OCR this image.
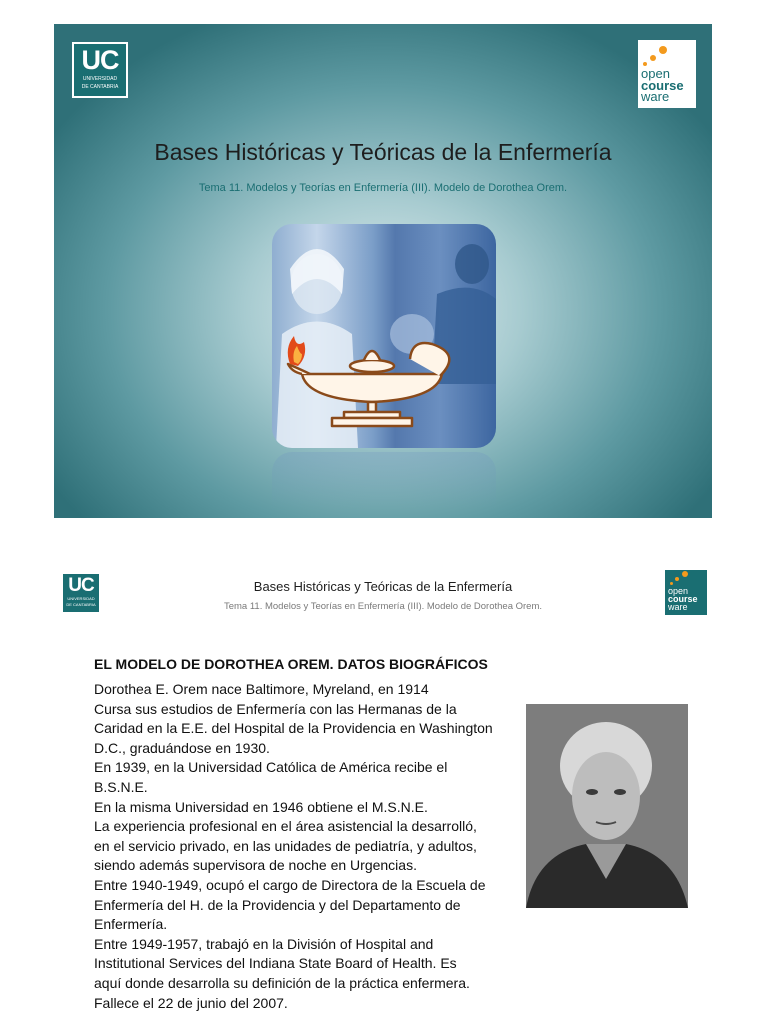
UC
UNIVERSIDAD
DE CANTABRIA
open
course
ware
Bases Históricas y Teóricas de la Enfermería
Tema 11. Modelos y Teorías en Enfermería (III). Modelo de Dorothea Orem.
UC
UNIVERSIDAD
DE CANTABRIA
Bases Históricas y Teóricas de la Enfermería
Tema 11. Modelos y Teorías en Enfermería (III). Modelo de Dorothea Orem.
open
course
ware
EL MODELO DE DOROTHEA OREM. DATOS BIOGRÁFICOS
Dorothea E. Orem nace Baltimore, Myreland, en 1914
Cursa sus estudios de Enfermería con las Hermanas de la
Caridad en la E.E. del Hospital de la Providencia en Washington
D.C., graduándose en 1930.
En 1939, en la Universidad Católica de América recibe el
B.S.N.E.
En la misma Universidad en 1946 obtiene el M.S.N.E.
La experiencia profesional en el área asistencial la desarrolló,
en el servicio privado, en las unidades de pediatría, y adultos,
siendo además supervisora de noche en Urgencias.
Entre 1940-1949, ocupó el cargo de Directora de la Escuela de
Enfermería del H. de la Providencia y del Departamento de
Enfermería.
Entre 1949-1957, trabajó en la División of Hospital and
Institutional Services del Indiana State Board of Health. Es
aquí donde desarrolla su definición de la práctica enfermera.
Fallece el 22 de junio del 2007.
